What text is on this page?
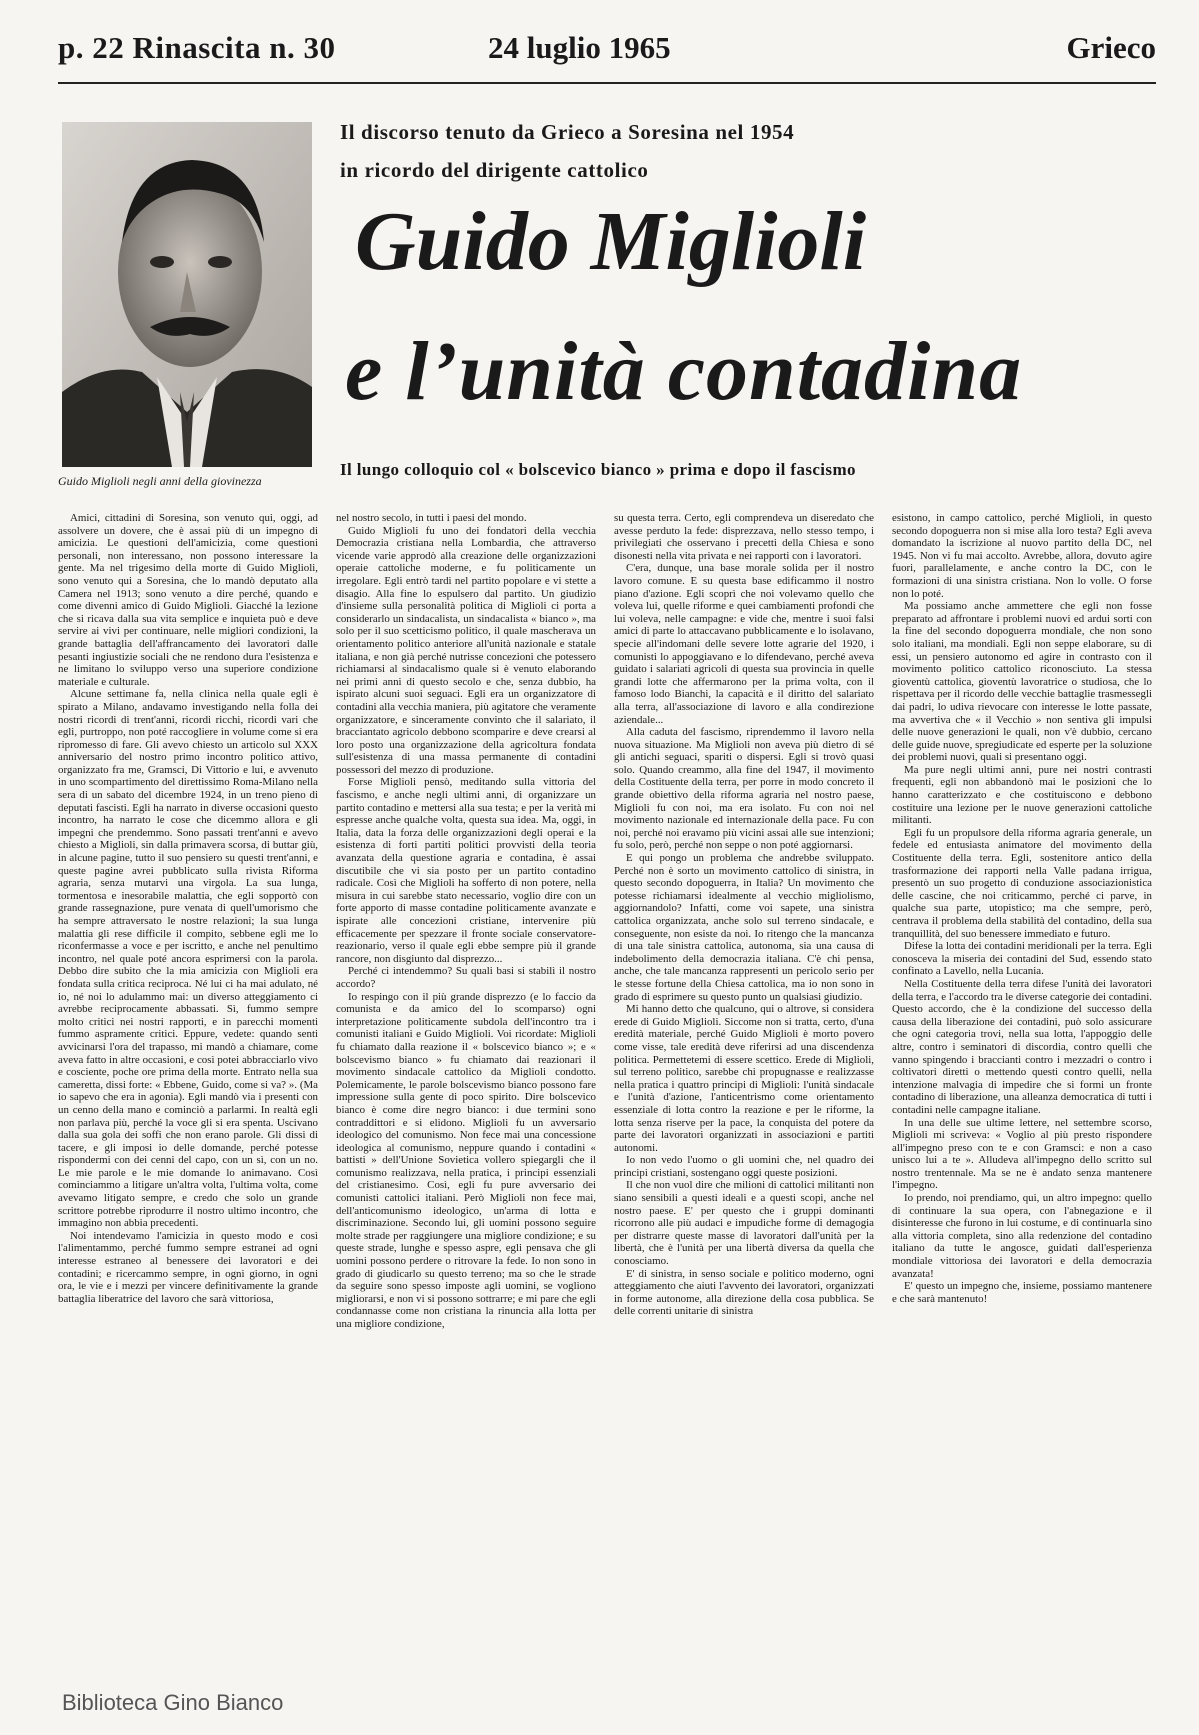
p. 22 Rinascita n. 30	24 luglio 1965	Grieco
Guido Miglioli negli anni della giovinezza
Il discorso tenuto da Grieco a Soresina nel 1954
in ricordo del dirigente cattolico
Guido Miglioli
e l’unità contadina
Il lungo colloquio col « bolscevico bianco » prima e dopo il fascismo

Amici, cittadini di Soresina, son venuto qui, oggi, ad assolvere un dovere, che è assai più di un impegno di amicizia. Le questioni dell'amicizia, come questioni personali, non interessano, non possono interessare la gente. Ma nel trigesimo della morte di Guido Miglioli, sono venuto qui a Soresina, che lo mandò deputato alla Camera nel 1913; sono venuto a dire perché, quando e come divenni amico di Guido Miglioli. Giacché la lezione che si ricava dalla sua vita semplice e inquieta può e deve servire ai vivi per continuare, nelle migliori condizioni, la grande battaglia dell'affrancamento dei lavoratori dalle pesanti ingiustizie sociali che ne rendono dura l'esistenza e ne limitano lo sviluppo verso una superiore condizione materiale e culturale.

Alcune settimane fa, nella clinica nella quale egli è spirato a Milano, andavamo investigando nella folla dei nostri ricordi di trent'anni, ricordi ricchi, ricordi vari che egli, purtroppo, non poté raccogliere in volume come si era ripromesso di fare. Gli avevo chiesto un articolo sul XXX anniversario del nostro primo incontro politico attivo, organizzato fra me, Gramsci, Di Vittorio e lui, e avvenuto in uno scompartimento del direttissimo Roma-Milano nella sera di un sabato del dicembre 1924, in un treno pieno di deputati fascisti. Egli ha narrato in diverse occasioni questo incontro, ha narrato le cose che dicemmo allora e gli impegni che prendemmo. Sono passati trent'anni e avevo chiesto a Miglioli, sin dalla primavera scorsa, di buttar giù, in alcune pagine, tutto il suo pensiero su questi trent'anni, e queste pagine avrei pubblicato sulla rivista Riforma agraria, senza mutarvi una virgola. La sua lunga, tormentosa e inesorabile malattia, che egli sopportò con grande rassegnazione, pure venata di quell'umorismo che ha sempre attraversato le nostre relazioni; la sua lunga malattia gli rese difficile il compito, sebbene egli me lo riconfermasse a voce e per iscritto, e anche nel penultimo incontro, nel quale poté ancora esprimersi con la parola. Debbo dire subito che la mia amicizia con Miglioli era fondata sulla critica reciproca. Né lui ci ha mai adulato, né io, né noi lo adulammo mai: un diverso atteggiamento ci avrebbe reciprocamente abbassati. Sì, fummo sempre molto critici nei nostri rapporti, e in parecchi momenti fummo aspramente critici. Eppure, vedete: quando senti avvicinarsi l'ora del trapasso, mi mandò a chiamare, come aveva fatto in altre occasioni, e così potei abbracciarlo vivo e cosciente, poche ore prima della morte. Entrato nella sua cameretta, dissi forte: « Ebbene, Guido, come si va? ». (Ma io sapevo che era in agonia). Egli mandò via i presenti con un cenno della mano e cominciò a parlarmi. In realtà egli non parlava più, perché la voce gli si era spenta. Uscivano dalla sua gola dei soffi che non erano parole. Gli dissi di tacere, e gli imposi io delle domande, perché potesse rispondermi con dei cenni del capo, con un sì, con un no. Le mie parole e le mie domande lo animavano. Così cominciammo a litigare un'altra volta, l'ultima volta, come avevamo litigato sempre, e credo che solo un grande scrittore potrebbe riprodurre il nostro ultimo incontro, che immagino non abbia precedenti.

Noi intendevamo l'amicizia in questo modo e così l'alimentammo, perché fummo sempre estranei ad ogni interesse estraneo al benessere dei lavoratori e dei contadini; e ricercammo sempre, in ogni giorno, in ogni ora, le vie e i mezzi per vincere definitivamente la grande battaglia liberatrice del lavoro che sarà vittoriosa,

nel nostro secolo, in tutti i paesi del mondo.

Guido Miglioli fu uno dei fondatori della vecchia Democrazia cristiana nella Lombardia, che attraverso vicende varie approdò alla creazione delle organizzazioni operaie cattoliche moderne, e fu politicamente un irregolare. Egli entrò tardi nel partito popolare e vi stette a disagio. Alla fine lo espulsero dal partito. Un giudizio d'insieme sulla personalità politica di Miglioli ci porta a considerarlo un sindacalista, un sindacalista « bianco », ma solo per il suo scetticismo politico, il quale mascherava un orientamento politico anteriore all'unità nazionale e statale italiana, e non già perché nutrisse concezioni che potessero richiamarsi al sindacalismo quale si è venuto elaborando nei primi anni di questo secolo e che, senza dubbio, ha ispirato alcuni suoi seguaci. Egli era un organizzatore di contadini alla vecchia maniera, più agitatore che veramente organizzatore, e sinceramente convinto che il salariato, il bracciantato agricolo debbono scomparire e deve crearsi al loro posto una organizzazione della agricoltura fondata sull'esistenza di una massa permanente di contadini possessori del mezzo di produzione.

Forse Miglioli pensò, meditando sulla vittoria del fascismo, e anche negli ultimi anni, di organizzare un partito contadino e mettersi alla sua testa; e per la verità mi espresse anche qualche volta, questa sua idea. Ma, oggi, in Italia, data la forza delle organizzazioni degli operai e la esistenza di forti partiti politici provvisti della teoria avanzata della questione agraria e contadina, è assai discutibile che vi sia posto per un partito contadino radicale. Così che Miglioli ha sofferto di non potere, nella misura in cui sarebbe stato necessario, voglio dire con un forte apporto di masse contadine politicamente avanzate e ispirate alle concezioni cristiane, intervenire più efficacemente per spezzare il fronte sociale conservatore-reazionario, verso il quale egli ebbe sempre più il grande rancore, non disgiunto dal disprezzo...

Perché ci intendemmo? Su quali basi si stabilì il nostro accordo?

Io respingo con il più grande disprezzo (e lo faccio da comunista e da amico del lo scomparso) ogni interpretazione politicamente subdola dell'incontro tra i comunisti italiani e Guido Miglioli. Voi ricordate: Miglioli fu chiamato dalla reazione il « bolscevico bianco »; e « bolscevismo bianco » fu chiamato dai reazionari il movimento sindacale cattolico da Miglioli condotto. Polemicamente, le parole bolscevismo bianco possono fare impressione sulla gente di poco spirito. Dire bolscevico bianco è come dire negro bianco: i due termini sono contraddittori e si elidono. Miglioli fu un avversario ideologico del comunismo. Non fece mai una concessione ideologica al comunismo, neppure quando i contadini « battisti » dell'Unione Sovietica vollero spiegargli che il comunismo realizzava, nella pratica, i principi essenziali del cristianesimo. Così, egli fu pure avversario dei comunisti cattolici italiani. Però Miglioli non fece mai, dell'anticomunismo ideologico, un'arma di lotta e discriminazione. Secondo lui, gli uomini possono seguire molte strade per raggiungere una migliore condizione; e su queste strade, lunghe e spesso aspre, egli pensava che gli uomini possono perdere o ritrovare la fede. Io non sono in grado di giudicarlo su questo terreno; ma so che le strade da seguire sono spesso imposte agli uomini, se vogliono migliorarsi, e non vi si possono sottrarre; e mi pare che egli condannasse come non cristiana la rinuncia alla lotta per una migliore condizione,

su questa terra. Certo, egli comprendeva un diseredato che avesse perduto la fede: disprezzava, nello stesso tempo, i privilegiati che osservano i precetti della Chiesa e sono disonesti nella vita privata e nei rapporti con i lavoratori.

C'era, dunque, una base morale solida per il nostro lavoro comune. E su questa base edificammo il nostro piano d'azione. Egli scoprì che noi volevamo quello che voleva lui, quelle riforme e quei cambiamenti profondi che lui voleva, nelle campagne: e vide che, mentre i suoi falsi amici di parte lo attaccavano pubblicamente e lo isolavano, specie all'indomani delle severe lotte agrarie del 1920, i comunisti lo appoggiavano e lo difendevano, perché aveva guidato i salariati agricoli di questa sua provincia in quelle grandi lotte che affermarono per la prima volta, con il famoso lodo Bianchi, la capacità e il diritto del salariato alla terra, all'associazione di lavoro e alla condirezione aziendale...

Alla caduta del fascismo, riprendemmo il lavoro nella nuova situazione. Ma Miglioli non aveva più dietro di sé gli antichi seguaci, spariti o dispersi. Egli si trovò quasi solo. Quando creammo, alla fine del 1947, il movimento della Costituente della terra, per porre in modo concreto il grande obiettivo della riforma agraria nel nostro paese, Miglioli fu con noi, ma era isolato. Fu con noi nel movimento nazionale ed internazionale della pace. Fu con noi, perché noi eravamo più vicini assai alle sue intenzioni; fu solo, però, perché non seppe o non poté aggiornarsi.

E qui pongo un problema che andrebbe sviluppato. Perché non è sorto un movimento cattolico di sinistra, in questo secondo dopoguerra, in Italia? Un movimento che potesse richiamarsi idealmente al vecchio migliolismo, aggiornandolo? Infatti, come voi sapete, una sinistra cattolica organizzata, anche solo sul terreno sindacale, e conseguente, non esiste da noi. Io ritengo che la mancanza di una tale sinistra cattolica, autonoma, sia una causa di indebolimento della democrazia italiana. C'è chi pensa, anche, che tale mancanza rappresenti un pericolo serio per le stesse fortune della Chiesa cattolica, ma io non sono in grado di esprimere su questo punto un qualsiasi giudizio.

Mi hanno detto che qualcuno, qui o altrove, si considera erede di Guido Miglioli. Siccome non si tratta, certo, d'una eredità materiale, perché Guido Miglioli è morto povero come visse, tale eredità deve riferirsi ad una discendenza politica. Permettetemi di essere scettico. Erede di Miglioli, sul terreno politico, sarebbe chi propugnasse e realizzasse nella pratica i quattro principi di Miglioli: l'unità sindacale e l'unità d'azione, l'anticentrismo come orientamento essenziale di lotta contro la reazione e per le riforme, la lotta senza riserve per la pace, la conquista del potere da parte dei lavoratori organizzati in associazioni e partiti autonomi.

Io non vedo l'uomo o gli uomini che, nel quadro dei principi cristiani, sostengano oggi queste posizioni.

Il che non vuol dire che milioni di cattolici militanti non siano sensibili a questi ideali e a questi scopi, anche nel nostro paese. E' per questo che i gruppi dominanti ricorrono alle più audaci e impudiche forme di demagogia per distrarre queste masse di lavoratori dall'unità per la libertà, che è l'unità per una libertà diversa da quella che conosciamo.

E' di sinistra, in senso sociale e politico moderno, ogni atteggiamento che aiuti l'avvento dei lavoratori, organizzati in forme autonome, alla direzione della cosa pubblica. Se delle correnti unitarie di sinistra

esistono, in campo cattolico, perché Miglioli, in questo secondo dopoguerra non si mise alla loro testa? Egli aveva domandato la iscrizione al nuovo partito della DC, nel 1945. Non vi fu mai accolto. Avrebbe, allora, dovuto agire fuori, parallelamente, e anche contro la DC, con le formazioni di una sinistra cristiana. Non lo volle. O forse non lo poté.

Ma possiamo anche ammettere che egli non fosse preparato ad affrontare i problemi nuovi ed ardui sorti con la fine del secondo dopoguerra mondiale, che non sono solo italiani, ma mondiali. Egli non seppe elaborare, su di essi, un pensiero autonomo ed agire in contrasto con il movimento politico cattolico riconosciuto. La stessa gioventù cattolica, gioventù lavoratrice o studiosa, che lo rispettava per il ricordo delle vecchie battaglie trasmessegli dai padri, lo udiva rievocare con interesse le lotte passate, ma avvertiva che « il Vecchio » non sentiva gli impulsi delle nuove generazioni le quali, non v'è dubbio, cercano delle guide nuove, spregiudicate ed esperte per la soluzione dei problemi nuovi, quali si presentano oggi.

Ma pure negli ultimi anni, pure nei nostri contrasti frequenti, egli non abbandonò mai le posizioni che lo hanno caratterizzato e che costituiscono e debbono costituire una lezione per le nuove generazioni cattoliche militanti.

Egli fu un propulsore della riforma agraria generale, un fedele ed entusiasta animatore del movimento della Costituente della terra. Egli, sostenitore antico della trasformazione dei rapporti nella Valle padana irrigua, presentò un suo progetto di conduzione associazionistica delle cascine, che noi criticammo, perché ci parve, in qualche sua parte, utopistico; ma che sempre, però, centrava il problema della stabilità del contadino, della sua tranquillità, del suo benessere immediato e futuro.

Difese la lotta dei contadini meridionali per la terra. Egli conosceva la miseria dei contadini del Sud, essendo stato confinato a Lavello, nella Lucania.

Nella Costituente della terra difese l'unità dei lavoratori della terra, e l'accordo tra le diverse categorie dei contadini. Questo accordo, che è la condizione del successo della causa della liberazione dei contadini, può solo assicurare che ogni categoria trovi, nella sua lotta, l'appoggio delle altre, contro i seminatori di discordia, contro quelli che vanno spingendo i braccianti contro i mezzadri o contro i coltivatori diretti o mettendo questi contro quelli, nella intenzione malvagia di impedire che si formi un fronte contadino di liberazione, una alleanza democratica di tutti i contadini nelle campagne italiane.

In una delle sue ultime lettere, nel settembre scorso, Miglioli mi scriveva: « Voglio al più presto rispondere all'impegno preso con te e con Gramsci: e non a caso unisco lui a te ». Alludeva all'impegno dello scritto sul nostro trentennale. Ma se ne è andato senza mantenere l'impegno.

Io prendo, noi prendiamo, qui, un altro impegno: quello di continuare la sua opera, con l'abnegazione e il disinteresse che furono in lui costume, e di continuarla sino alla vittoria completa, sino alla redenzione del contadino italiano da tutte le angosce, guidati dall'esperienza mondiale vittoriosa dei lavoratori e della democrazia avanzata!

E' questo un impegno che, insieme, possiamo mantenere e che sarà mantenuto!

Biblioteca Gino Bianco
